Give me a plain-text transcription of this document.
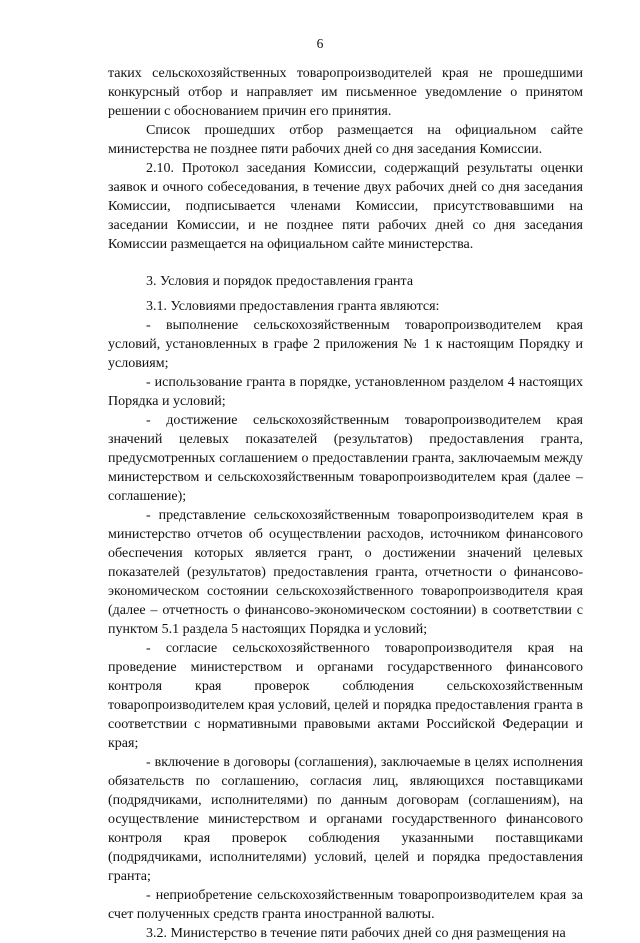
6

таких сельскохозяйственных товаропроизводителей края не прошедшими конкурсный отбор и направляет им письменное уведомление о принятом решении с обоснованием причин его принятия.

Список прошедших отбор размещается на официальном сайте министерства не позднее пяти рабочих дней со дня заседания Комиссии.

2.10. Протокол заседания Комиссии, содержащий результаты оценки заявок и очного собеседования, в течение двух рабочих дней со дня заседания Комиссии, подписывается членами Комиссии, присутствовавшими на заседании Комиссии, и не позднее пяти рабочих дней со дня заседания Комиссии размещается на официальном сайте министерства.

3. Условия и порядок предоставления гранта

3.1. Условиями предоставления гранта являются:

- выполнение сельскохозяйственным товаропроизводителем края условий, установленных в графе 2 приложения № 1 к настоящим Порядку и условиям;

- использование гранта в порядке, установленном разделом 4 настоящих Порядка и условий;

- достижение сельскохозяйственным товаропроизводителем края значений целевых показателей (результатов) предоставления гранта, предусмотренных соглашением о предоставлении гранта, заключаемым между министерством и сельскохозяйственным товаропроизводителем края (далее – соглашение);

- представление сельскохозяйственным товаропроизводителем края в министерство отчетов об осуществлении расходов, источником финансового обеспечения которых является грант, о достижении значений целевых показателей (результатов) предоставления гранта, отчетности о финансово-экономическом состоянии сельскохозяйственного товаропроизводителя края (далее – отчетность о финансово-экономическом состоянии) в соответствии с пунктом 5.1 раздела 5 настоящих Порядка и условий;

- согласие сельскохозяйственного товаропроизводителя края на проведение министерством и органами государственного финансового контроля края проверок соблюдения сельскохозяйственным товаропроизводителем края условий, целей и порядка предоставления гранта в соответствии с нормативными правовыми актами Российской Федерации и края;

- включение в договоры (соглашения), заключаемые в целях исполнения обязательств по соглашению, согласия лиц, являющихся поставщиками (подрядчиками, исполнителями) по данным договорам (соглашениям), на осуществление министерством и органами государственного финансового контроля края проверок соблюдения указанными поставщиками (подрядчиками, исполнителями) условий, целей и порядка предоставления гранта;

- неприобретение сельскохозяйственным товаропроизводителем края за счет полученных средств гранта иностранной валюты.

3.2. Министерство в течение пяти рабочих дней со дня размещения на
